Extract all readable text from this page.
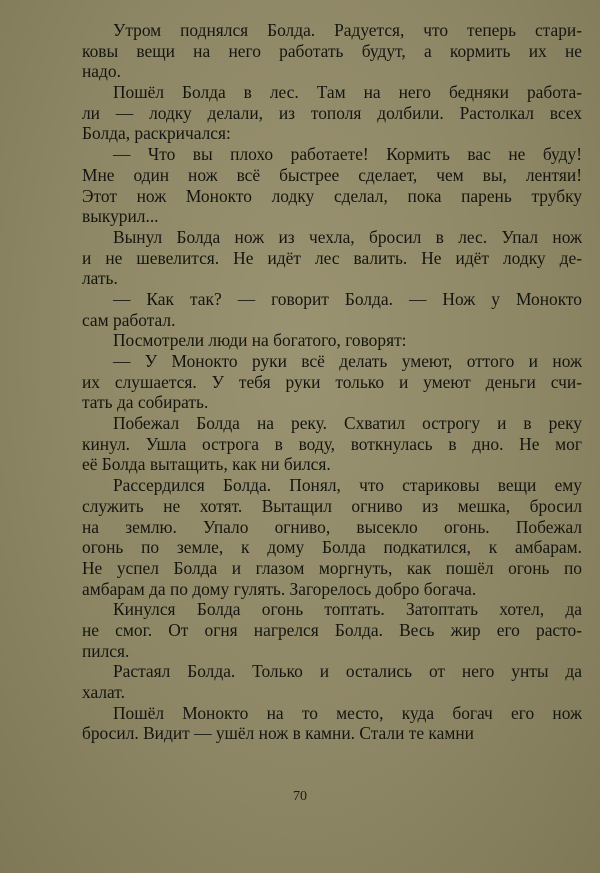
Утром поднялся Болда. Радуется, что теперь стари-
ковы вещи на него работать будут, а кормить их не
надо.
Пошёл Болда в лес. Там на него бедняки работа-
ли — лодку делали, из тополя долбили. Растолкал всех
Болда, раскричался:
— Что вы плохо работаете! Кормить вас не буду!
Мне один нож всё быстрее сделает, чем вы, лентяи!
Этот нож Монокто лодку сделал, пока парень трубку
выкурил...
Вынул Болда нож из чехла, бросил в лес. Упал нож
и не шевелится. Не идёт лес валить. Не идёт лодку де-
лать.
— Как так? — говорит Болда. — Нож у Монокто
сам работал.
Посмотрели люди на богатого, говорят:
— У Монокто руки всё делать умеют, оттого и нож
их слушается. У тебя руки только и умеют деньги счи-
тать да собирать.
Побежал Болда на реку. Схватил острогу и в реку
кинул. Ушла острога в воду, воткнулась в дно. Не мог
её Болда вытащить, как ни бился.
Рассердился Болда. Понял, что стариковы вещи ему
служить не хотят. Вытащил огниво из мешка, бросил
на землю. Упало огниво, высекло огонь. Побежал
огонь по земле, к дому Болда подкатился, к амбарам.
Не успел Болда и глазом моргнуть, как пошёл огонь по
амбарам да по дому гулять. Загорелось добро богача.
Кинулся Болда огонь топтать. Затоптать хотел, да
не смог. От огня нагрелся Болда. Весь жир его расто-
пился.
Растаял Болда. Только и остались от него унты да
халат.
Пошёл Монокто на то место, куда богач его нож
бросил. Видит — ушёл нож в камни. Стали те камни
70
